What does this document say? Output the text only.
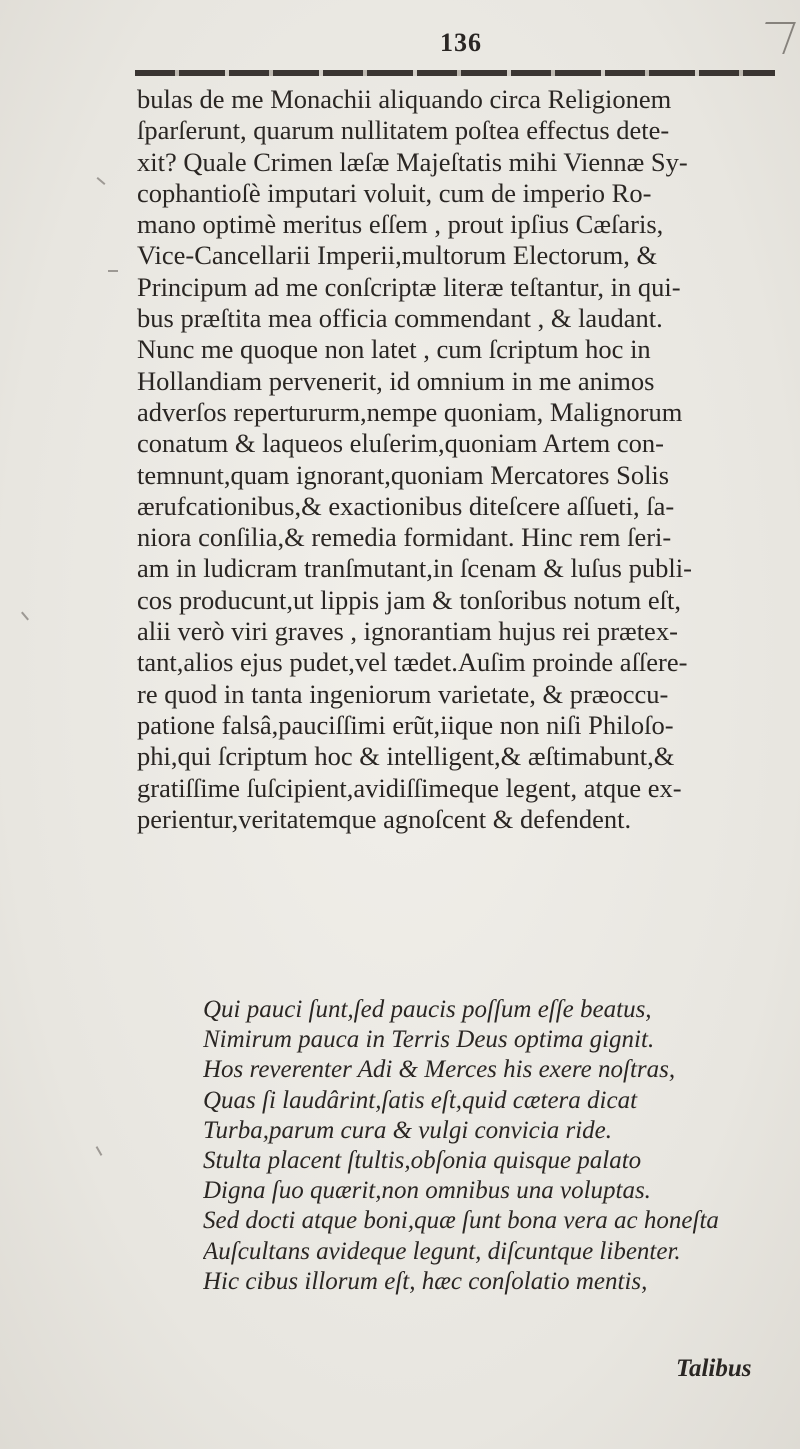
136
bulas de me Monachii aliquando circa Religionem
ſparſerunt, quarum nullitatem poſtea effectus dete-
xit? Quale Crimen læſæ Majeſtatis mihi Viennæ Sy-
cophantioſè imputari voluit, cum de imperio Ro-
mano optimè meritus eſſem , prout ipſius Cæſaris,
Vice-Cancellarii Imperii,multorum Electorum, &
Principum ad me conſcriptæ literæ teſtantur, in qui-
bus præſtita mea officia commendant , & laudant.
Nunc me quoque non latet , cum ſcriptum hoc in
Hollandiam pervenerit, id omnium in me animos
adverſos repertururm,nempe quoniam, Malignorum
conatum & laqueos eluſerim,quoniam Artem con-
temnunt,quam ignorant,quoniam Mercatores Solis
ærufcationibus,& exactionibus diteſcere aſſueti, ſa-
niora conſilia,& remedia formidant. Hinc rem ſeri-
am in ludicram tranſmutant,in ſcenam & luſus publi-
cos producunt,ut lippis jam & tonſoribus notum eſt,
alii verò viri graves , ignorantiam hujus rei prætex-
tant,alios ejus pudet,vel tædet.Auſim proinde aſſere-
re quod in tanta ingeniorum varietate, & præoccu-
patione falsâ,pauciſſimi erũt,iique non niſi Philoſo-
phi,qui ſcriptum hoc & intelligent,& æſtimabunt,&
gratiſſime ſuſcipient,avidiſſimeque legent, atque ex-
perientur,veritatemque agnoſcent & defendent.
Qui pauci ſunt,ſed paucis poſſum eſſe beatus,
Nimirum pauca in Terris Deus optima gignit.
Hos reverenter Adi & Merces his exere noſtras,
Quas ſi laudârint,ſatis eſt,quid cætera dicat
Turba,parum cura & vulgi convicia ride.
Stulta placent ſtultis,obſonia quisque palato
Digna ſuo quærit,non omnibus una voluptas.
Sed docti atque boni,quæ ſunt bona vera ac honeſta
Auſcultans avideque legunt, diſcuntque libenter.
Hic cibus illorum eſt, hæc conſolatio mentis,
Talibus
